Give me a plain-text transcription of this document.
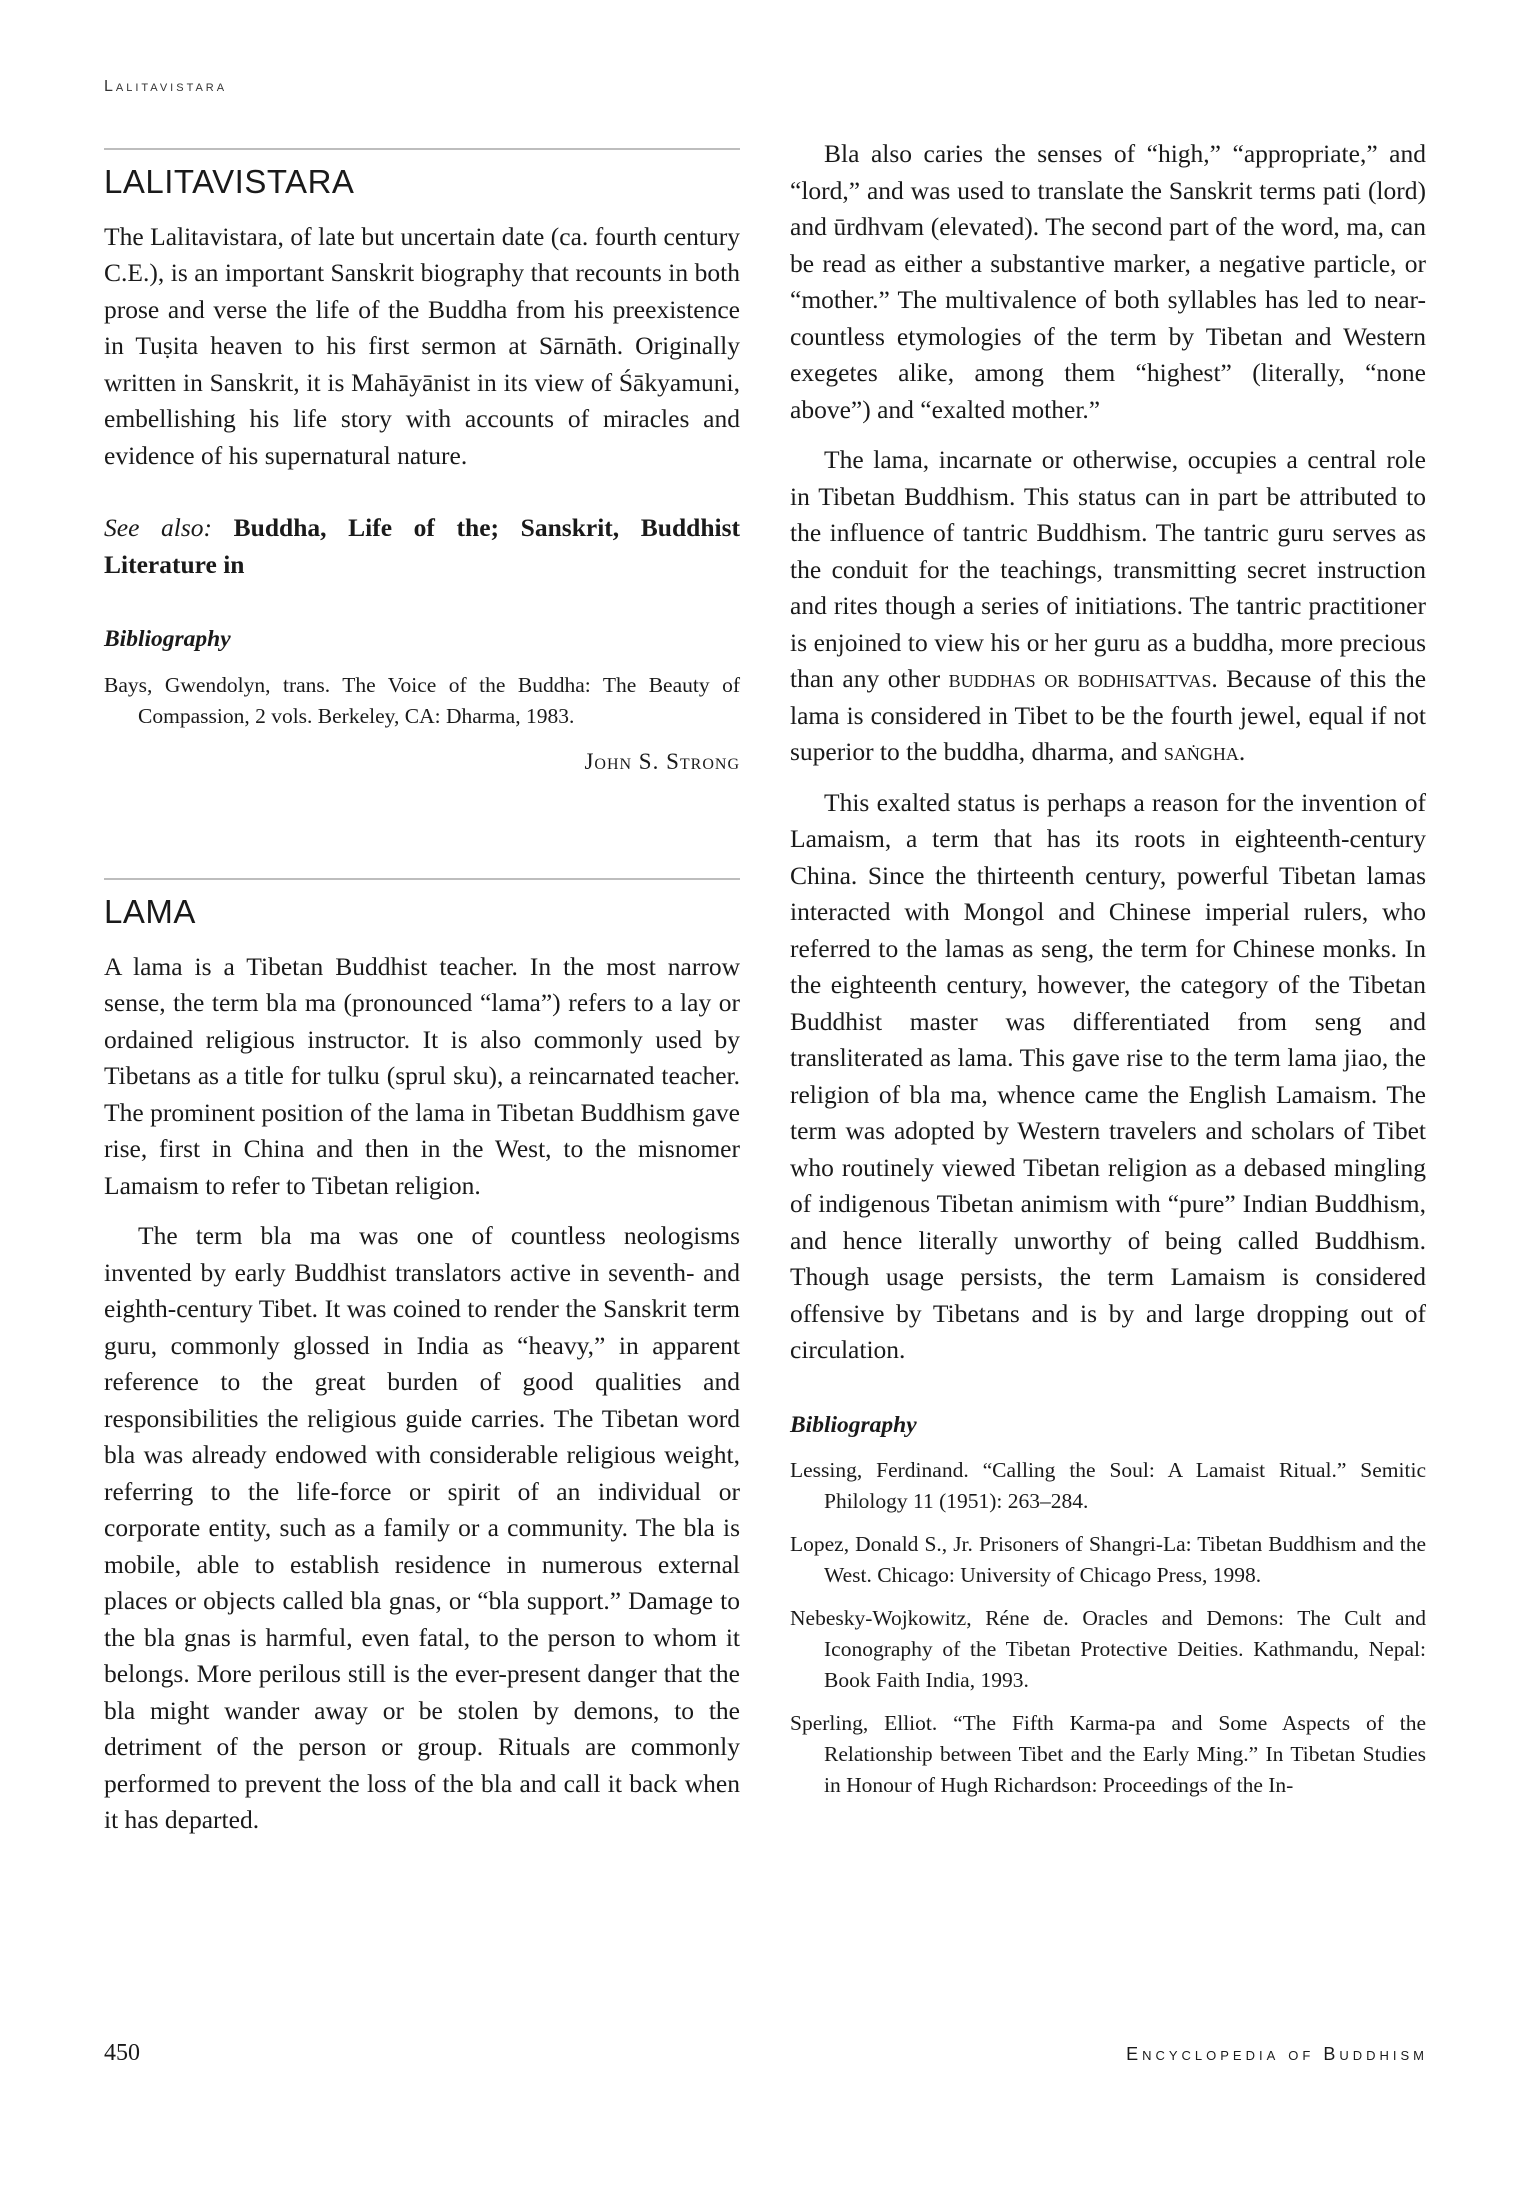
Lalitavistara
LALITAVISTARA

The Lalitavistara, of late but uncertain date (ca. fourth century C.E.), is an important Sanskrit biography that recounts in both prose and verse the life of the Buddha from his preexistence in Tuṣita heaven to his first sermon at Sārnāth. Originally written in Sanskrit, it is Mahāyānist in its view of Śākyamuni, embellishing his life story with accounts of miracles and evidence of his supernatural nature.

See also: Buddha, Life of the; Sanskrit, Buddhist Literature in
Bibliography
Bays, Gwendolyn, trans. The Voice of the Buddha: The Beauty of Compassion, 2 vols. Berkeley, CA: Dharma, 1983.
John S. Strong
LAMA

A lama is a Tibetan Buddhist teacher. In the most narrow sense, the term bla ma (pronounced “lama”) refers to a lay or ordained religious instructor. It is also commonly used by Tibetans as a title for tulku (sprul sku), a reincarnated teacher. The prominent position of the lama in Tibetan Buddhism gave rise, first in China and then in the West, to the misnomer Lamaism to refer to Tibetan religion.

The term bla ma was one of countless neologisms invented by early Buddhist translators active in seventh- and eighth-century Tibet. It was coined to render the Sanskrit term guru, commonly glossed in India as “heavy,” in apparent reference to the great burden of good qualities and responsibilities the religious guide carries. The Tibetan word bla was already endowed with considerable religious weight, referring to the life-force or spirit of an individual or corporate entity, such as a family or a community. The bla is mobile, able to establish residence in numerous external places or objects called bla gnas, or “bla support.” Damage to the bla gnas is harmful, even fatal, to the person to whom it belongs. More perilous still is the ever-present danger that the bla might wander away or be stolen by demons, to the detriment of the person or group. Rituals are commonly performed to prevent the loss of the bla and call it back when it has departed.

Bla also caries the senses of “high,” “appropriate,” and “lord,” and was used to translate the Sanskrit terms pati (lord) and ūrdhvam (elevated). The second part of the word, ma, can be read as either a substantive marker, a negative particle, or “mother.” The multivalence of both syllables has led to near-countless etymologies of the term by Tibetan and Western exegetes alike, among them “highest” (literally, “none above”) and “exalted mother.”

The lama, incarnate or otherwise, occupies a central role in Tibetan Buddhism. This status can in part be attributed to the influence of tantric Buddhism. The tantric guru serves as the conduit for the teachings, transmitting secret instruction and rites though a series of initiations. The tantric practitioner is enjoined to view his or her guru as a buddha, more precious than any other buddhas or bodhisattvas. Because of this the lama is considered in Tibet to be the fourth jewel, equal if not superior to the buddha, dharma, and saṅgha.

This exalted status is perhaps a reason for the invention of Lamaism, a term that has its roots in eighteenth-century China. Since the thirteenth century, powerful Tibetan lamas interacted with Mongol and Chinese imperial rulers, who referred to the lamas as seng, the term for Chinese monks. In the eighteenth century, however, the category of the Tibetan Buddhist master was differentiated from seng and transliterated as lama. This gave rise to the term lama jiao, the religion of bla ma, whence came the English Lamaism. The term was adopted by Western travelers and scholars of Tibet who routinely viewed Tibetan religion as a debased mingling of indigenous Tibetan animism with “pure” Indian Buddhism, and hence literally unworthy of being called Buddhism. Though usage persists, the term Lamaism is considered offensive by Tibetans and is by and large dropping out of circulation.

Bibliography
Lessing, Ferdinand. “Calling the Soul: A Lamaist Ritual.” Semitic Philology 11 (1951): 263–284.
Lopez, Donald S., Jr. Prisoners of Shangri-La: Tibetan Buddhism and the West. Chicago: University of Chicago Press, 1998.
Nebesky-Wojkowitz, Réne de. Oracles and Demons: The Cult and Iconography of the Tibetan Protective Deities. Kathmandu, Nepal: Book Faith India, 1993.
Sperling, Elliot. “The Fifth Karma-pa and Some Aspects of the Relationship between Tibet and the Early Ming.” In Tibetan Studies in Honour of Hugh Richardson: Proceedings of the In-
450	Encyclopedia of Buddhism
